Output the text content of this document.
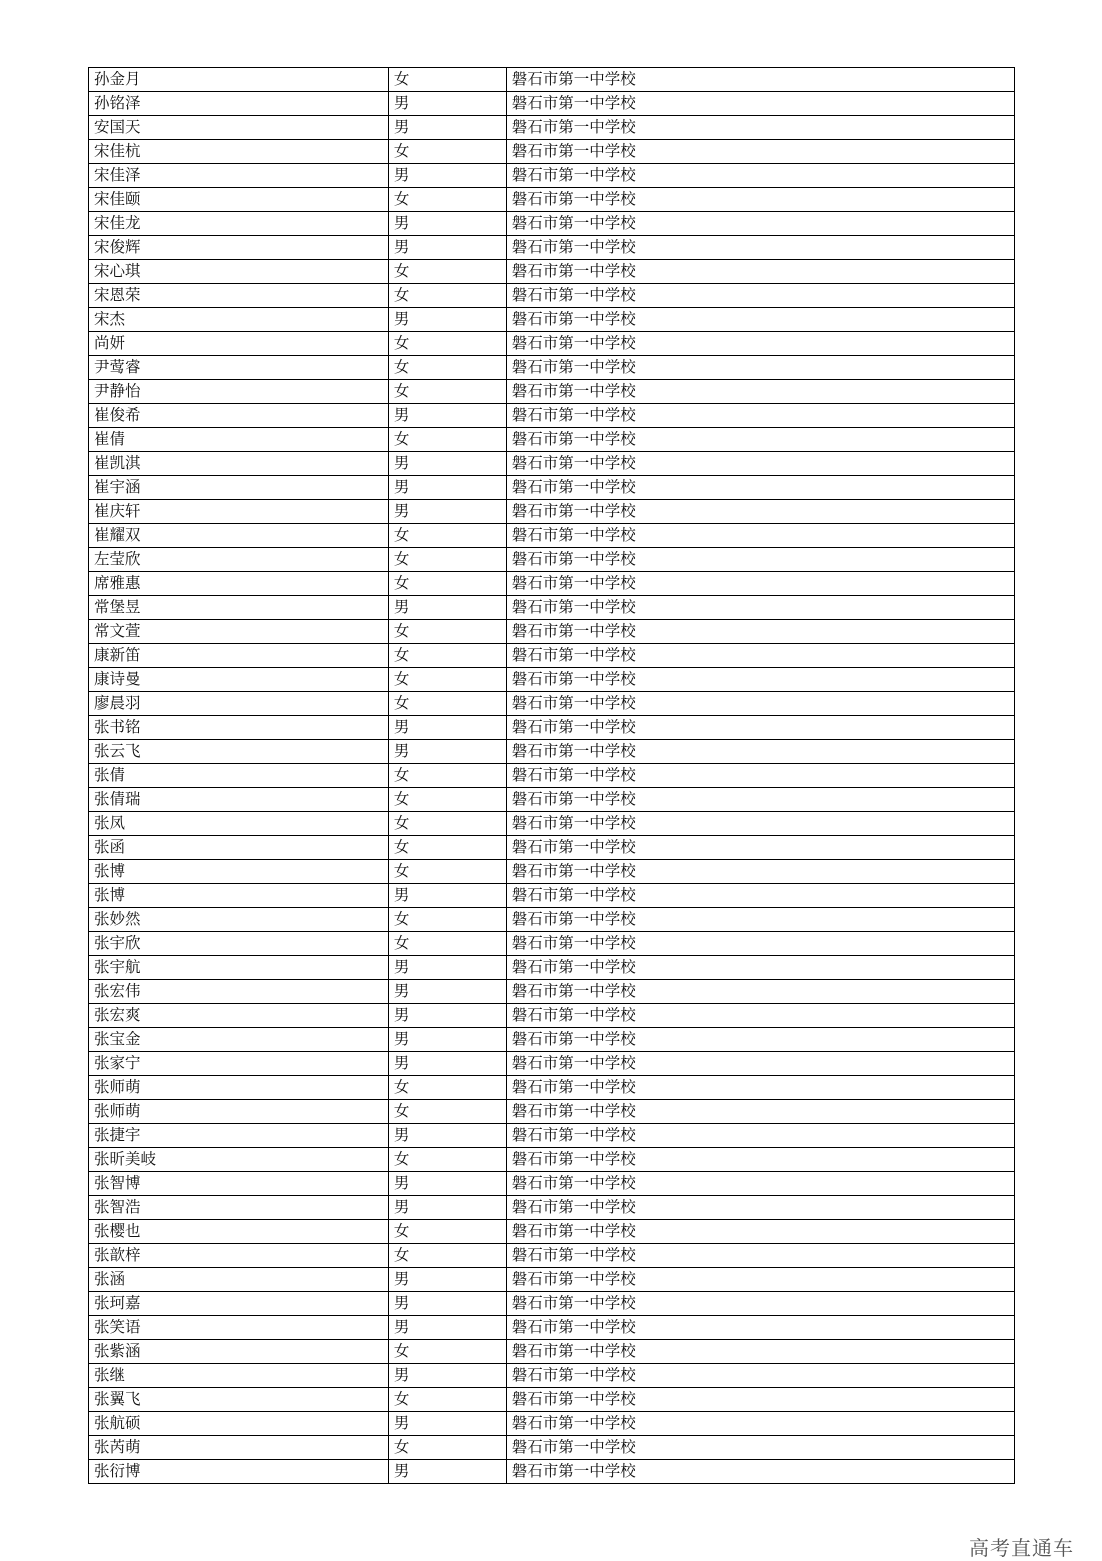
孙金月	女	磐石市第一中学校
孙铭泽	男	磐石市第一中学校
安国天	男	磐石市第一中学校
宋佳杭	女	磐石市第一中学校
宋佳泽	男	磐石市第一中学校
宋佳颐	女	磐石市第一中学校
宋佳龙	男	磐石市第一中学校
宋俊辉	男	磐石市第一中学校
宋心琪	女	磐石市第一中学校
宋恩荣	女	磐石市第一中学校
宋杰	男	磐石市第一中学校
尚妍	女	磐石市第一中学校
尹莺睿	女	磐石市第一中学校
尹静怡	女	磐石市第一中学校
崔俊希	男	磐石市第一中学校
崔倩	女	磐石市第一中学校
崔凯淇	男	磐石市第一中学校
崔宇涵	男	磐石市第一中学校
崔庆轩	男	磐石市第一中学校
崔耀双	女	磐石市第一中学校
左莹欣	女	磐石市第一中学校
席雅惠	女	磐石市第一中学校
常堡昱	男	磐石市第一中学校
常文萱	女	磐石市第一中学校
康新笛	女	磐石市第一中学校
康诗曼	女	磐石市第一中学校
廖晨羽	女	磐石市第一中学校
张书铭	男	磐石市第一中学校
张云飞	男	磐石市第一中学校
张倩	女	磐石市第一中学校
张倩瑞	女	磐石市第一中学校
张凤	女	磐石市第一中学校
张函	女	磐石市第一中学校
张博	女	磐石市第一中学校
张博	男	磐石市第一中学校
张妙然	女	磐石市第一中学校
张宇欣	女	磐石市第一中学校
张宇航	男	磐石市第一中学校
张宏伟	男	磐石市第一中学校
张宏爽	男	磐石市第一中学校
张宝金	男	磐石市第一中学校
张家宁	男	磐石市第一中学校
张师萌	女	磐石市第一中学校
张师萌	女	磐石市第一中学校
张捷宇	男	磐石市第一中学校
张昕美岐	女	磐石市第一中学校
张智博	男	磐石市第一中学校
张智浩	男	磐石市第一中学校
张樱也	女	磐石市第一中学校
张歆梓	女	磐石市第一中学校
张涵	男	磐石市第一中学校
张珂嘉	男	磐石市第一中学校
张笑语	男	磐石市第一中学校
张紫涵	女	磐石市第一中学校
张继	男	磐石市第一中学校
张翼飞	女	磐石市第一中学校
张航硕	男	磐石市第一中学校
张芮萌	女	磐石市第一中学校
张衍博	男	磐石市第一中学校
高考直通车
